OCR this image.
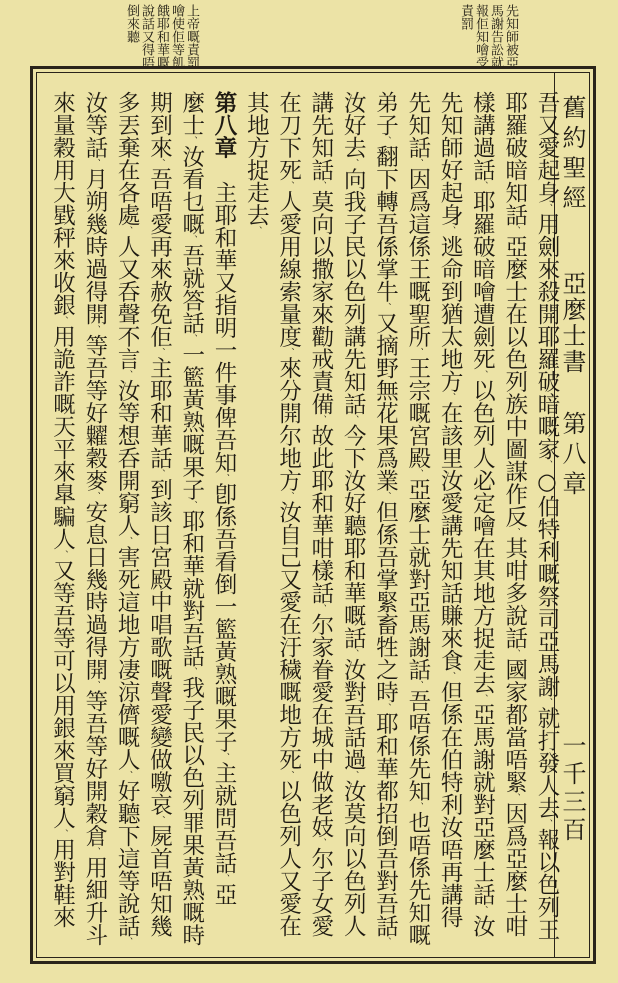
先知師被亞馬謝告訟就報佢知噲受責罰
上帝嘅責罰噲使佢等飢餓耶和華嘅說話又得唔倒來聽
舊約聖經
亞麼士書
第八章
一千三百
吾又愛起身、用劍來殺開耶羅破暗嘅家、○伯特利嘅祭司亞馬謝、就打發人去、報以色列王
耶羅破暗知話、亞麼士在以色列族中圖謀作反、其咁多說話、國家都當唔緊、因爲亞麼士咁
樣講過話、耶羅破暗噲遭劍死、以色列人必定噲在其地方捉走去、亞馬謝就對亞麼士話、汝
先知師好起身、逃命到猶太地方、在該里汝愛講先知話賺來食、但係在伯特利汝唔再講得
先知話、因爲這係王嘅聖所、王宗嘅宮殿、亞麼士就對亞馬謝話、吾唔係先知、也唔係先知嘅
弟子、翻下轉吾係掌牛、又摘野無花果爲業、但係吾掌緊畜牲之時、耶和華都招倒吾對吾話、
汝好去、向我子民以色列講先知話、今下汝好聽耶和華嘅話、汝對吾話過、汝莫向以色列人
講先知話、莫向以撒家來勸戒責備、故此耶和華咁樣話、尔家眷愛在城中做老妓、尔子女愛
在刀下死、人愛用線索量度、來分開尔地方、汝自己又愛在汙穢嘅地方死、以色列人又愛在
其地方捉走去、
第八章　主耶和華又指明一件事俾吾知、卽係吾看倒一籃黃熟嘅果子、主就問吾話、亞
麼士、汝看乜嘅、吾就答話、一籃黃熟嘅果子、耶和華就對吾話、我子民以色列罪果黃熟嘅時
期到來、吾唔愛再來赦免佢、主耶和華話、到該日宮殿中唱歌嘅聲愛變做噭哀、屍首唔知幾
多丟棄在各處、人又呑聲不言、汝等想呑開窮人、害死這地方凄涼儕嘅人、好聽下這等說話、
汝等話、月朔幾時過得開、等吾等好糶穀麥、安息日幾時過得開、等吾等好開穀倉、用細升斗
來量穀用大戥秤來收銀、用詭詐嘅天平來臯騙人、又等吾等可以用銀來買窮人、用對鞋來
